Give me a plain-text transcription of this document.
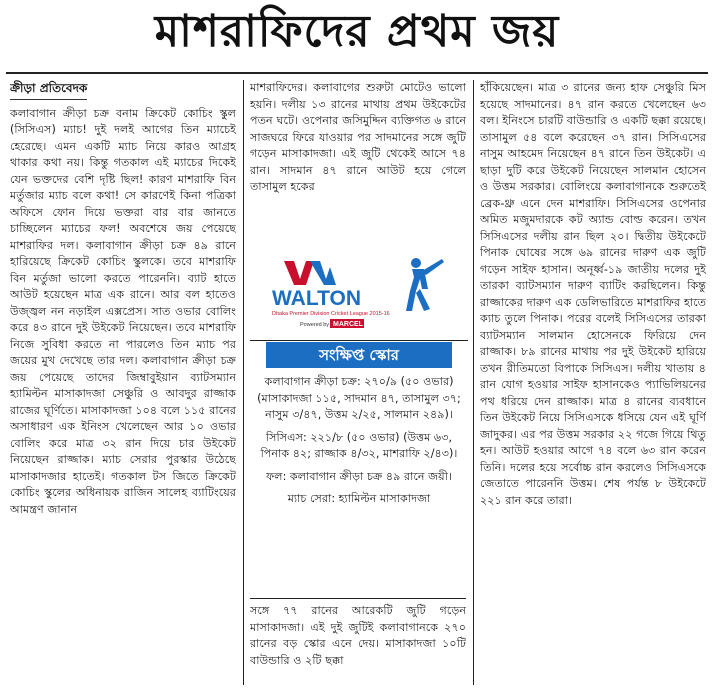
মাশরাফিদের প্রথম জয়
ক্রীড়া প্রতিবেদক

কলাবাগান ক্রীড়া চক্র বনাম ক্রিকেট কোচিং স্কুল (সিসিএস) ম্যাচ! দুই দলই আগের তিন ম্যাচেই হেরেছে। এমন একটি ম্যাচ নিয়ে কারও আগ্রহ থাকার কথা নয়। কিন্তু গতকাল এই ম্যাচের দিকেই যেন ভক্তদের বেশি দৃষ্টি ছিল! কারণ মাশরাফি বিন মর্তুজার ম্যাচ বলে কথা! সে কারণেই কিনা পত্রিকা অফিসে ফোন দিয়ে ভক্তরা বার বার জানতে চাচ্ছিলেন ম্যাচের ফল! অবশেষে জয় পেয়েছে মাশরাফির দল। কলাবাগান ক্রীড়া চক্র ৪৯ রানে হারিয়েছে ক্রিকেট কোচিং স্কুলকে। তবে মাশরাফি বিন মর্তুজা ভালো করতে পারেননি। ব্যাট হাতে আউট হয়েছেন মাত্র এক রানে। আর বল হাতেও উজ্জ্বল নন নড়াইল এক্সপ্রেস। সাত ওভার বোলিং করে ৪৩ রানে দুই উইকেট নিয়েছেন। তবে মাশরাফি নিজে সুবিধা করতে না পারলেও তিন ম্যাচ পর জয়ের মুখ দেখেছে তার দল। কলাবাগান ক্রীড়া চক্র জয় পেয়েছে তাদের জিম্বাবুইয়ান ব্যাটসম্যান হ্যামিল্টন মাসাকাদজা সেঞ্চুরি ও আবদুর রাজ্জাক রাজের ঘূর্ণিতে। মাসাকাদজা ১০৪ বলে ১১৫ রানের অসাধারণ এক ইনিংস খেলেছেন আর ১০ ওভার বোলিং করে মাত্র ৩২ রান দিয়ে চার উইকেট নিয়েছেন রাজ্জাক। ম্যাচ সেরার পুরস্কার উঠেছে মাসাকাদজার হাতেই। গতকাল টস জিতে ক্রিকেট কোচিং স্কুলের অধিনায়ক রাজিন সালেহ ব্যাটিংয়ের আমন্ত্রণ জানান

মাশরাফিদের। কলাবাগের শুরুটা মোটেও ভালো হয়নি। দলীয় ১৩ রানের মাথায় প্রথম উইকেটের পতন ঘটে। ওপেনার জসিমুদ্দিন ব্যক্তিগত ৬ রানে সাজঘরে ফিরে যাওয়ার পর সাদমানের সঙ্গে জুটি গড়েন মাসাকাদজা। এই জুটি থেকেই আসে ৭৪ রান। সাদমান ৪৭ রানে আউট হয়ে গেলে তাসামুল হকের

WALTON
Dhaka Premier Division Cricket League 2015-16
Powered by MARCEL
সংক্ষিপ্ত স্কোর

কলাবাগান ক্রীড়া চক্র: ২৭০/৯ (৫০ ওভার) (মাসাকাদজা ১১৫, সাদমান ৪৭, তাসামুল ৩৭; নাসুম ৩/৪৭, উত্তম ২/২৫, সালমান ২৪৯)।

সিসিএস: ২২১/৮ (৫০ ওভার) (উত্তম ৬৩, পিনাক ৪২; রাজ্জাক ৪/৩২, মাশরাফি ২/৪৩)।

ফল: কলাবাগান ক্রীড়া চক্র ৪৯ রানে জয়ী।

ম্যাচ সেরা: হ্যামিল্টন মাসাকাদজা

সঙ্গে ৭৭ রানের আরেকটি জুটি গড়েন মাসাকাদজা। এই দুই জুটিই কলাবাগানকে ২৭০ রানের বড় স্কোর এনে দেয়। মাসাকাদজা ১০টি বাউন্ডারি ও ২টি ছক্কা

হাঁকিয়েছেন। মাত্র ৩ রানের জন্য হাফ সেঞ্চুরি মিস হয়েছে সাদমানের। ৪৭ রান করতে খেলেছেন ৬৩ বল। ইনিংসে চারটি বাউন্ডারি ও একটি ছক্কা রয়েছে। তাসামুল ৫৪ বলে করেছেন ৩৭ রান। সিসিএসের নাসুম আহমেদ নিয়েছেন ৪৭ রানে তিন উইকেট। এ ছাড়া দুটি করে উইকেট নিয়েছেন সালমান হোসেন ও উত্তম সরকার। বোলিংয়ে কলাবাগানকে শুরুতেই ব্রেক-থ্রু এনে দেন মাশরাফি। সিসিএসের ওপেনার অমিত মজুমদারকে কট অ্যান্ড বোল্ড করেন। তখন সিসিএসের দলীয় রান ছিল ২০। দ্বিতীয় উইকেটে পিনাক ঘোষের সঙ্গে ৬৯ রানের দারুণ এক জুটি গড়েন সাইফ হাসান। অনূর্ধ্ব-১৯ জাতীয় দলের দুই তারকা ব্যাটসম্যান দারুণ ব্যাটিং করছিলেন। কিন্তু রাজ্জাকের দারুণ এক ডেলিভারিতে মাশরাফির হাতে ক্যাচ তুলে পিনাক। পরের বলেই সিসিএসের তারকা ব্যাটসম্যান সালমান হোসেনকে ফিরিয়ে দেন রাজ্জাক। ৮৯ রানের মাথায় পর দুই উইকেট হারিয়ে তখন রীতিমতো বিপাকে সিসিএস। দলীয় খাতায় ৪ রান যোগ হওয়ার সাইফ হাসানকেও প্যাভিলিয়নের পথ ধরিয়ে দেন রাজ্জাক। মাত্র ৪ রানের ব্যবধানে তিন উইকেট নিয়ে সিসিএসকে ধসিয়ে যেন এই ঘূর্ণি জাদুকর। এর পর উত্তম সরকার ২২ গজে গিয়ে থিতু হন। আউট হওয়ার আগে ৭৪ বলে ৬৩ রান করেন তিনি। দলের হয়ে সর্বোচ্চ রান করলেও সিসিএসকে জেতাতে পারেননি উত্তম। শেষ পর্যন্ত ৮ উইকেটে ২২১ রান করে তারা।
